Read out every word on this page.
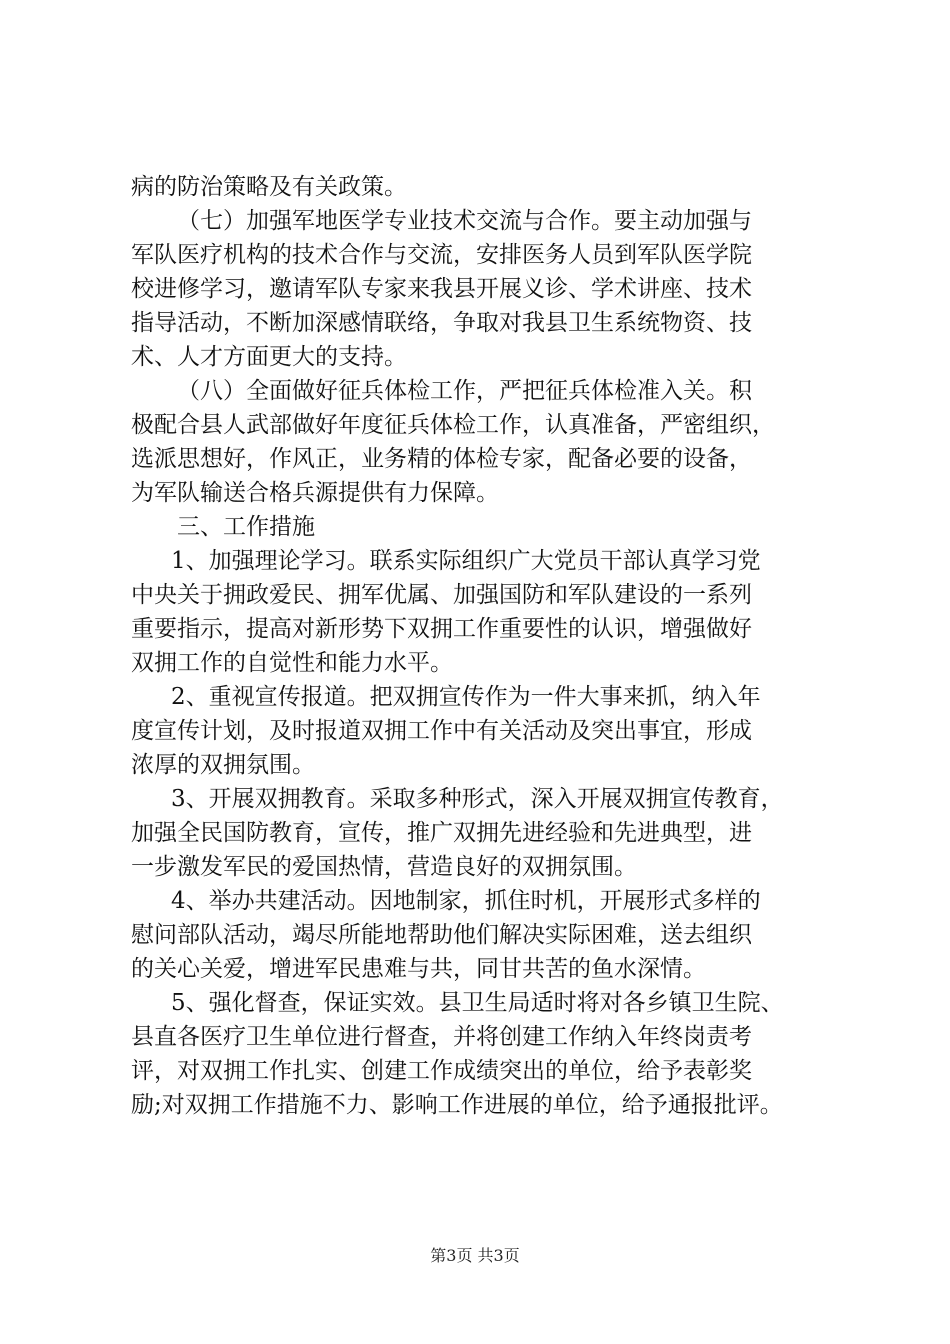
病的防治策略及有关政策。
（七）加强军地医学专业技术交流与合作。要主动加强与
军队医疗机构的技术合作与交流，安排医务人员到军队医学院
校进修学习，邀请军队专家来我县开展义诊、学术讲座、技术
指导活动，不断加深感情联络，争取对我县卫生系统物资、技
术、人才方面更大的支持。
（八）全面做好征兵体检工作，严把征兵体检准入关。积
极配合县人武部做好年度征兵体检工作，认真准备，严密组织，
选派思想好，作风正，业务精的体检专家，配备必要的设备，
为军队输送合格兵源提供有力保障。
三、工作措施
1、加强理论学习。联系实际组织广大党员干部认真学习党
中央关于拥政爱民、拥军优属、加强国防和军队建设的一系列
重要指示，提高对新形势下双拥工作重要性的认识，增强做好
双拥工作的自觉性和能力水平。
2、重视宣传报道。把双拥宣传作为一件大事来抓，纳入年
度宣传计划，及时报道双拥工作中有关活动及突出事宜，形成
浓厚的双拥氛围。
3、开展双拥教育。采取多种形式，深入开展双拥宣传教育，
加强全民国防教育，宣传，推广双拥先进经验和先进典型，进
一步激发军民的爱国热情，营造良好的双拥氛围。
4、举办共建活动。因地制家，抓住时机，开展形式多样的
慰问部队活动，竭尽所能地帮助他们解决实际困难，送去组织
的关心关爱，增进军民患难与共，同甘共苦的鱼水深情。
5、强化督查，保证实效。县卫生局适时将对各乡镇卫生院、
县直各医疗卫生单位进行督查，并将创建工作纳入年终岗责考
评，对双拥工作扎实、创建工作成绩突出的单位，给予表彰奖
励;对双拥工作措施不力、影响工作进展的单位，给予通报批评。
第3页 共3页
